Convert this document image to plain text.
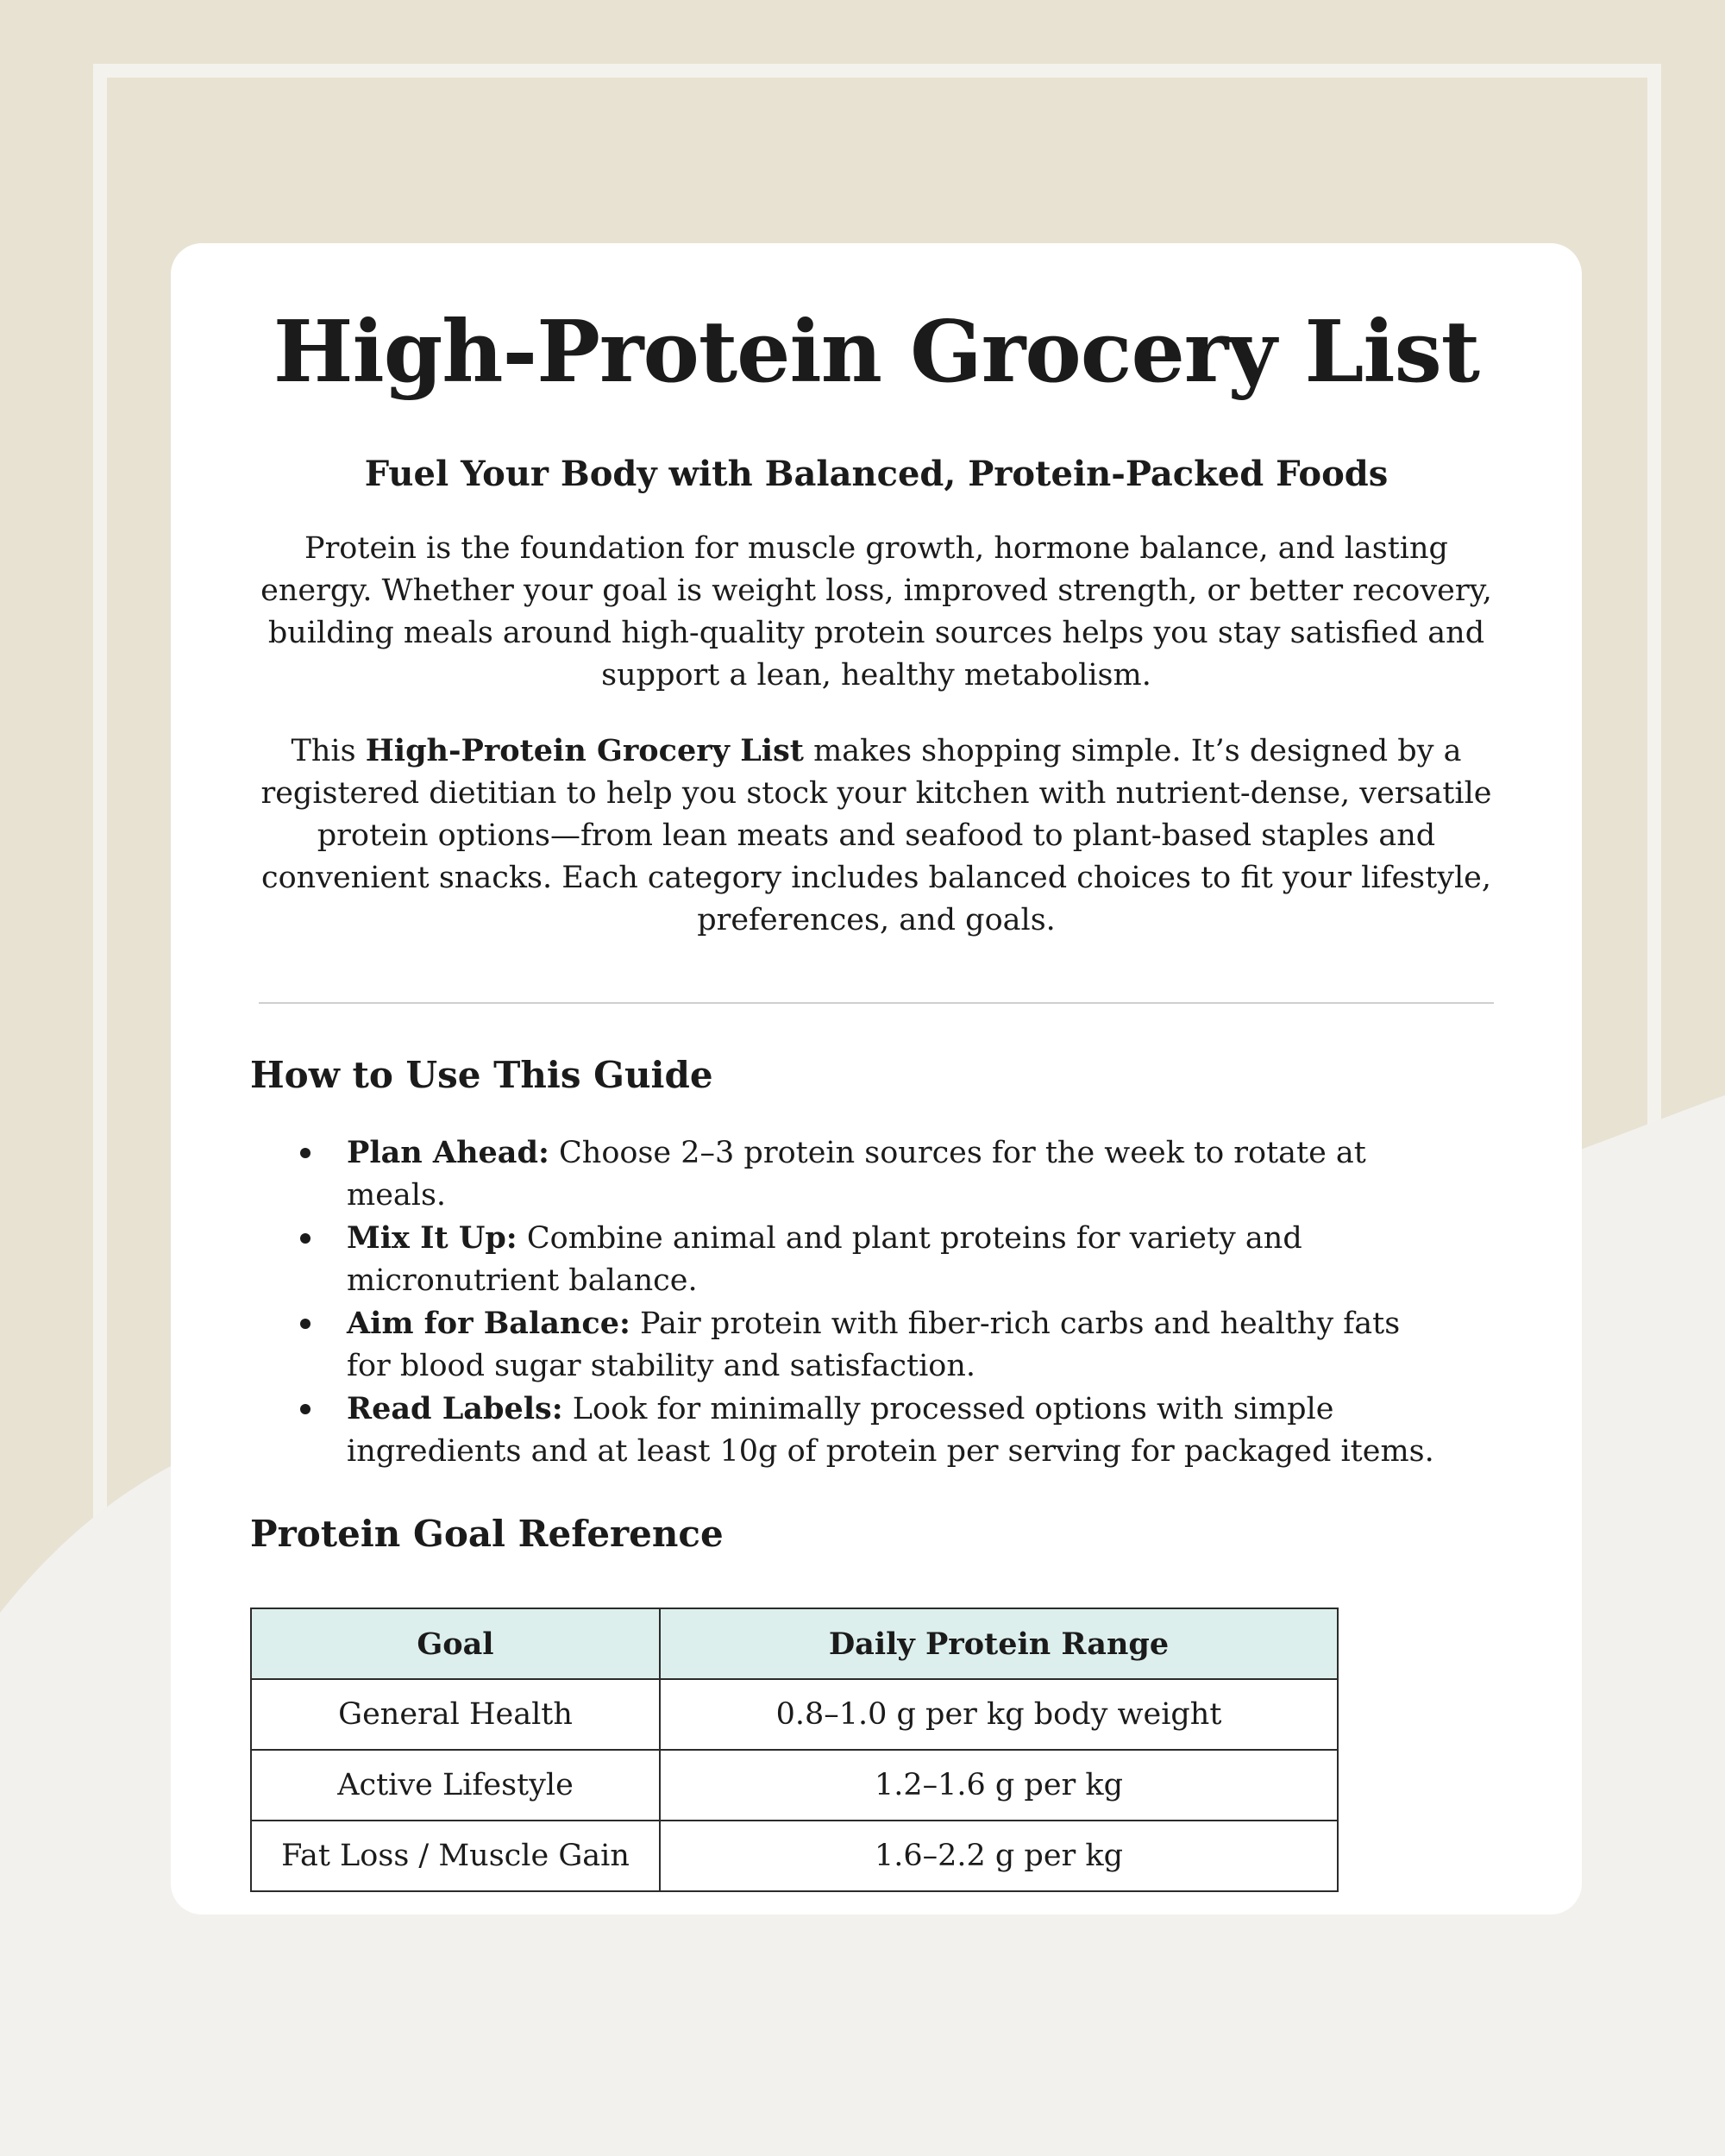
High-Protein Grocery List
Fuel Your Body with Balanced, Protein-Packed Foods

Protein is the foundation for muscle growth, hormone balance, and lasting energy. Whether your goal is weight loss, improved strength, or better recovery, building meals around high-quality protein sources helps you stay satisfied and support a lean, healthy metabolism.

This High-Protein Grocery List makes shopping simple. It’s designed by a registered dietitian to help you stock your kitchen with nutrient-dense, versatile protein options—from lean meats and seafood to plant-based staples and convenient snacks. Each category includes balanced choices to fit your lifestyle, preferences, and goals.

How to Use This Guide
Plan Ahead: Choose 2–3 protein sources for the week to rotate at meals.
Mix It Up: Combine animal and plant proteins for variety and micronutrient balance.
Aim for Balance: Pair protein with fiber-rich carbs and healthy fats for blood sugar stability and satisfaction.
Read Labels: Look for minimally processed options with simple ingredients and at least 10g of protein per serving for packaged items.
Protein Goal Reference
Goal	Daily Protein Range
General Health	0.8–1.0 g per kg body weight
Active Lifestyle	1.2–1.6 g per kg
Fat Loss / Muscle Gain	1.6–2.2 g per kg
